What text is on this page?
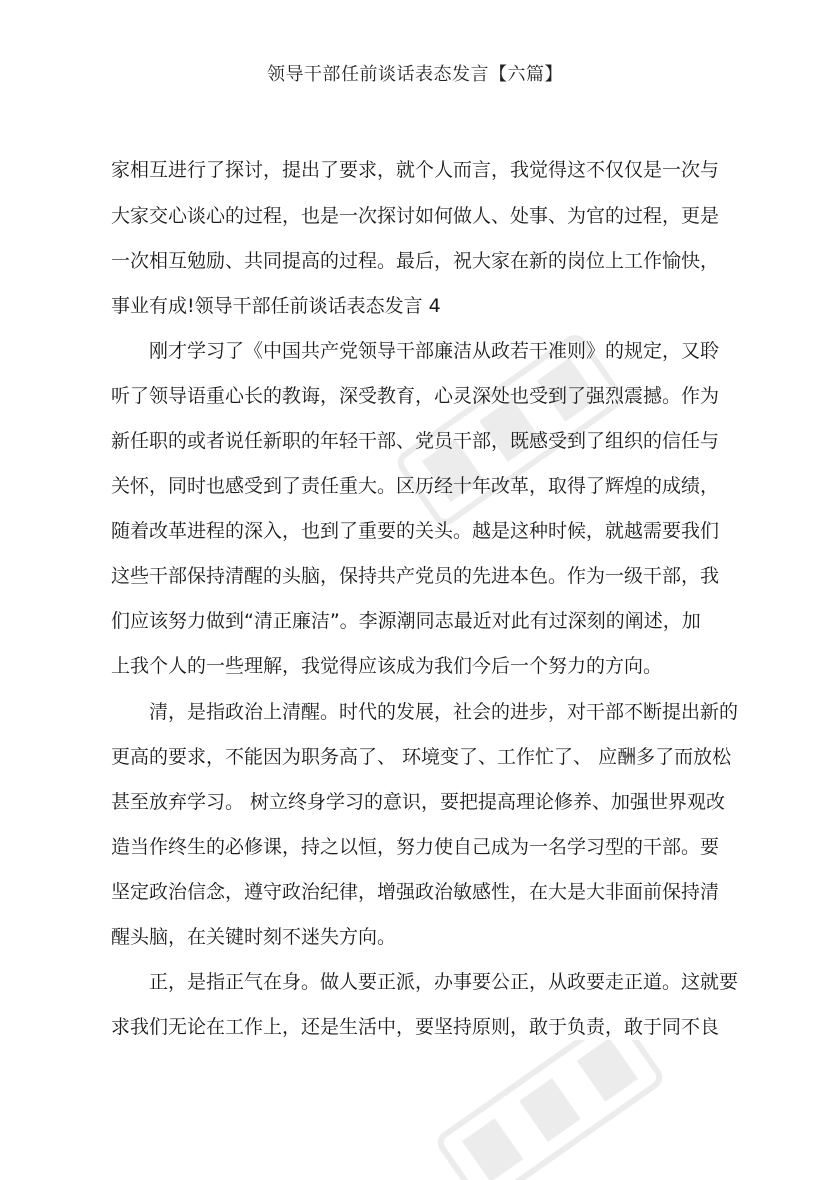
领导干部任前谈话表态发言【六篇】
家相互进行了探讨，提出了要求，就个人而言，我觉得这不仅仅是一次与
大家交心谈心的过程，也是一次探讨如何做人、处事、为官的过程，更是
一次相互勉励、共同提高的过程。最后，祝大家在新的岗位上工作愉快，
事业有成!领导干部任前谈话表态发言 4
刚才学习了《中国共产党领导干部廉洁从政若干准则》的规定，又聆
听了领导语重心长的教诲，深受教育，心灵深处也受到了强烈震撼。作为
新任职的或者说任新职的年轻干部、党员干部，既感受到了组织的信任与
关怀，同时也感受到了责任重大。区历经十年改革，取得了辉煌的成绩，
随着改革进程的深入，也到了重要的关头。越是这种时候，就越需要我们
这些干部保持清醒的头脑，保持共产党员的先进本色。作为一级干部，我
们应该努力做到“清正廉洁”。李源潮同志最近对此有过深刻的阐述，加
上我个人的一些理解，我觉得应该成为我们今后一个努力的方向。
清，是指政治上清醒。时代的发展，社会的进步，对干部不断提出新的
更高的要求，不能因为职务高了、 环境变了、工作忙了、 应酬多了而放松
甚至放弃学习。 树立终身学习的意识，要把提高理论修养、加强世界观改
造当作终生的必修课，持之以恒，努力使自己成为一名学习型的干部。要
坚定政治信念，遵守政治纪律，增强政治敏感性，在大是大非面前保持清
醒头脑，在关键时刻不迷失方向。
正，是指正气在身。做人要正派，办事要公正，从政要走正道。这就要
求我们无论在工作上，还是生活中，要坚持原则，敢于负责，敢于同不良
